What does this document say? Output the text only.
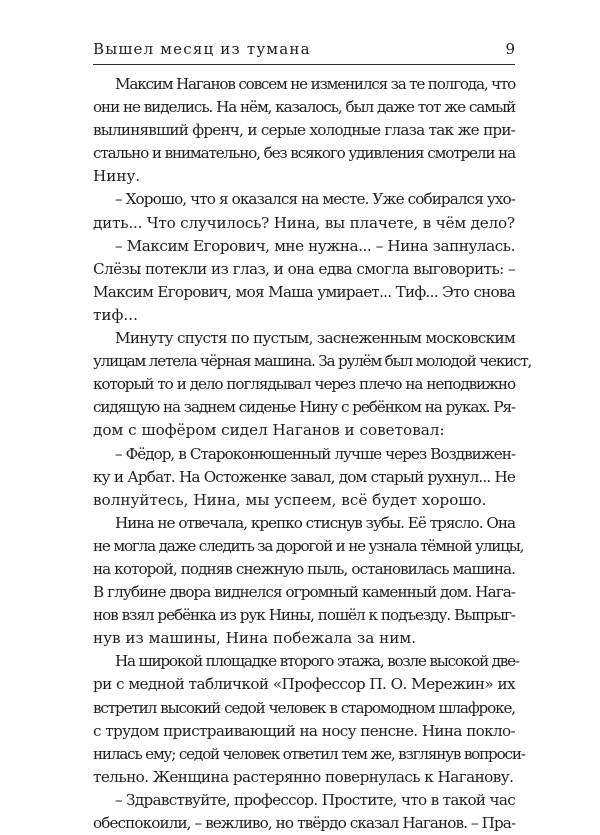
Вышел месяц из тумана	9

Максим Наганов совсем не изменился за те полгода, что
они не виделись. На нём, казалось, был даже тот же самый
вылинявший френч, и серые холодные глаза так же при-
стально и внимательно, без всякого удивления смотрели на
Нину.

– Хорошо, что я оказался на месте. Уже собирался ухо-
дить... Что случилось? Нина, вы плачете, в чём дело?

– Максим Егорович, мне нужна... – Нина запнулась.
Слёзы потекли из глаз, и она едва смогла выговорить: –
Максим Егорович, моя Маша умирает... Тиф... Это снова
тиф...

Минуту спустя по пустым, заснеженным московским
улицам летела чёрная машина. За рулём был молодой чекист,
который то и дело поглядывал через плечо на неподвижно
сидящую на заднем сиденье Нину с ребёнком на руках. Ря-
дом с шофёром сидел Наганов и советовал:

– Фёдор, в Староконюшенный лучше через Воздвижен-
ку и Арбат. На Остоженке завал, дом старый рухнул... Не
волнуйтесь, Нина, мы успеем, всё будет хорошо.

Нина не отвечала, крепко стиснув зубы. Её трясло. Она
не могла даже следить за дорогой и не узнала тёмной улицы,
на которой, подняв снежную пыль, остановилась машина.
В глубине двора виднелся огромный каменный дом. Нага-
нов взял ребёнка из рук Нины, пошёл к подъезду. Выпрыг-
нув из машины, Нина побежала за ним.

На широкой площадке второго этажа, возле высокой две-
ри с медной табличкой «Профессор П. О. Мережин» их
встретил высокий седой человек в старомодном шлафроке,
с трудом пристраивающий на носу пенсне. Нина покло-
нилась ему; седой человек ответил тем же, взглянув вопроси-
тельно. Женщина растерянно повернулась к Наганову.

– Здравствуйте, профессор. Простите, что в такой час
обеспокоили, – вежливо, но твёрдо сказал Наганов. – Пра-
